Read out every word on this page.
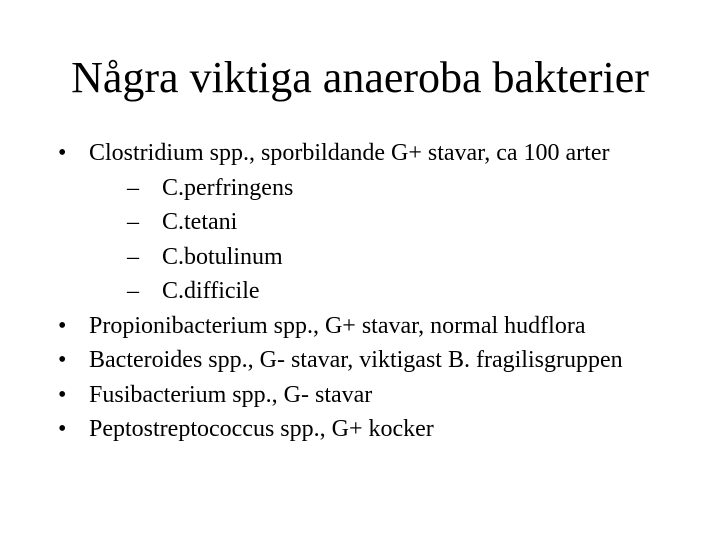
Några viktiga anaeroba bakterier
• Clostridium spp., sporbildande G+ stavar, ca 100 arter
– C.perfringens
– C.tetani
– C.botulinum
– C.difficile
• Propionibacterium spp., G+ stavar, normal hudflora
• Bacteroides spp., G- stavar, viktigast B. fragilisgruppen
• Fusibacterium spp., G- stavar
• Peptostreptococcus spp., G+ kocker
